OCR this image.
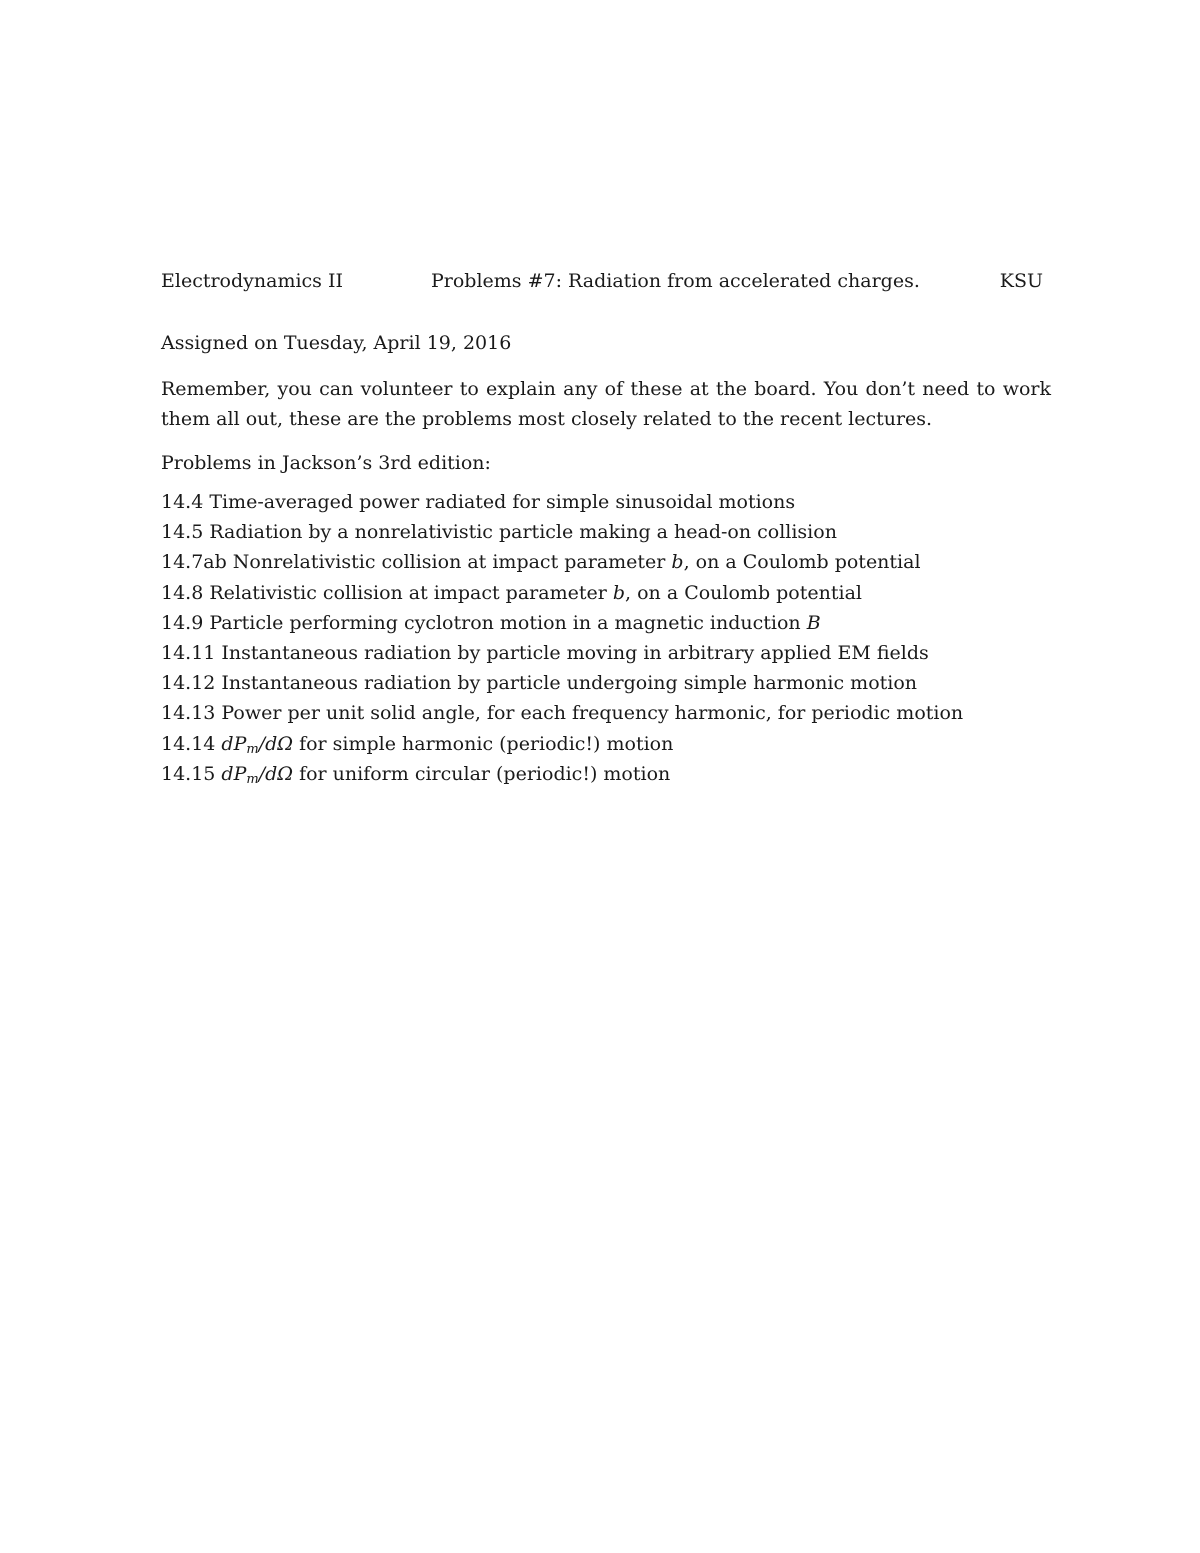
Electrodynamics II	Problems #7: Radiation from accelerated charges.	KSU
Assigned on Tuesday, April 19, 2016
Remember, you can volunteer to explain any of these at the board. You don’t need to work them all out, these are the problems most closely related to the recent lectures.
Problems in Jackson’s 3rd edition:
14.4 Time-averaged power radiated for simple sinusoidal motions
14.5 Radiation by a nonrelativistic particle making a head-on collision
14.7ab Nonrelativistic collision at impact parameter b, on a Coulomb potential
14.8 Relativistic collision at impact parameter b, on a Coulomb potential
14.9 Particle performing cyclotron motion in a magnetic induction B
14.11 Instantaneous radiation by particle moving in arbitrary applied EM fields
14.12 Instantaneous radiation by particle undergoing simple harmonic motion
14.13 Power per unit solid angle, for each frequency harmonic, for periodic motion
14.14 $dP_m/d\Omega$ for simple harmonic (periodic!) motion
14.15 $dP_m/d\Omega$ for uniform circular (periodic!) motion
